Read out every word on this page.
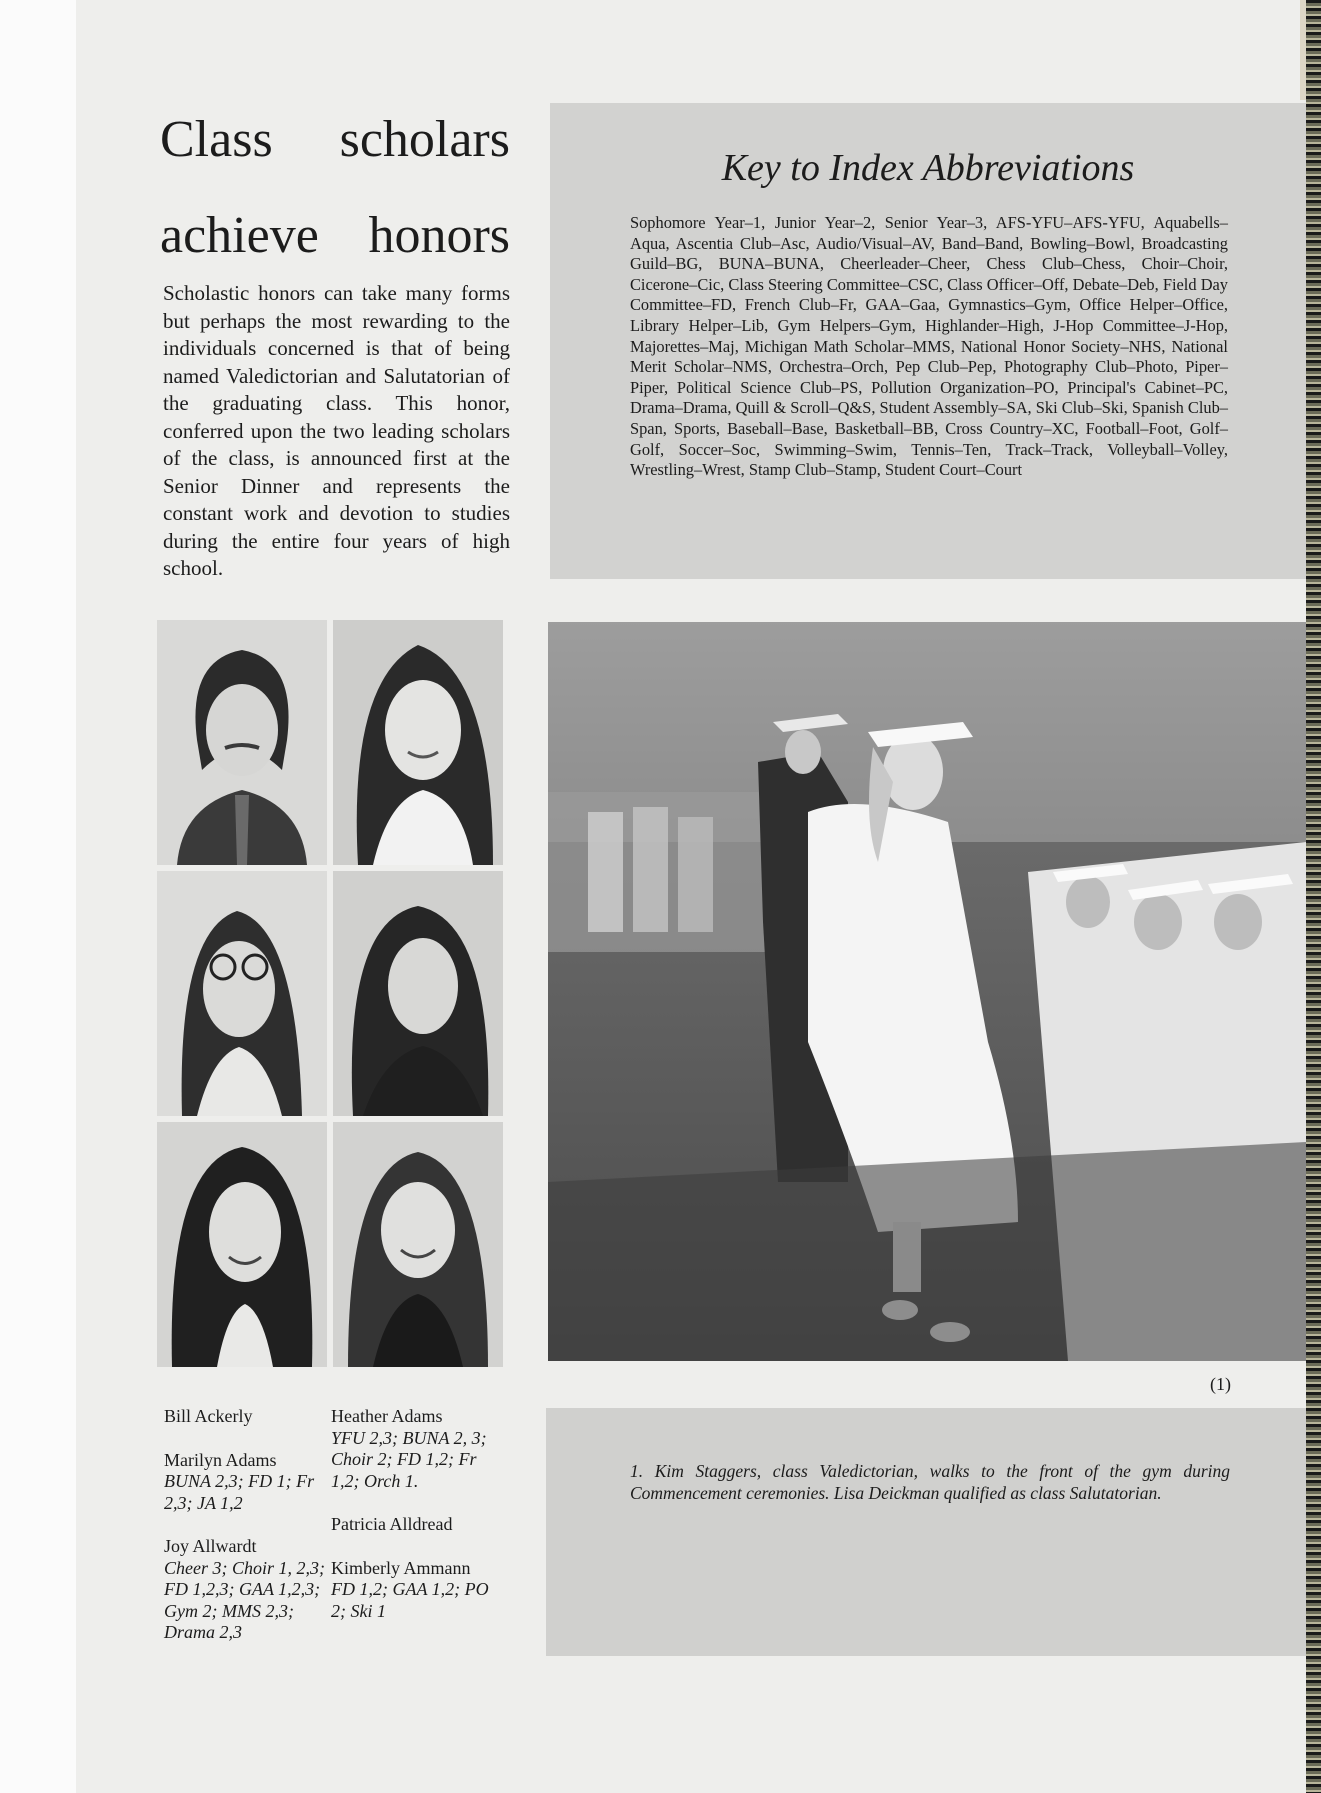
Class scholars
achieve honors

Scholastic honors can take many forms but perhaps the most rewarding to the individuals concerned is that of being named Valedictorian and Salutatorian of the graduating class. This honor, conferred upon the two leading scholars of the class, is announced first at the Senior Dinner and represents the constant work and devotion to studies during the entire four years of high school.

Key to Index Abbreviations

Sophomore Year–1, Junior Year–2, Senior Year–3, AFS-YFU–AFS-YFU, Aquabells–Aqua, Ascentia Club–Asc, Audio/Visual–AV, Band–Band, Bowling–Bowl, Broadcasting Guild–BG, BUNA–BUNA, Cheerleader–Cheer, Chess Club–Chess, Choir–Choir, Cicerone–Cic, Class Steering Committee–CSC, Class Officer–Off, Debate–Deb, Field Day Committee–FD, French Club–Fr, GAA–Gaa, Gymnastics–Gym, Office Helper–Office, Library Helper–Lib, Gym Helpers–Gym, Highlander–High, J-Hop Committee–J-Hop, Majorettes–Maj, Michigan Math Scholar–MMS, National Honor Society–NHS, National Merit Scholar–NMS, Orchestra–Orch, Pep Club–Pep, Photography Club–Photo, Piper–Piper, Political Science Club–PS, Pollution Organization–PO, Principal's Cabinet–PC, Drama–Drama, Quill & Scroll–Q&S, Student Assembly–SA, Ski Club–Ski, Spanish Club–Span, Sports, Baseball–Base, Basketball–BB, Cross Country–XC, Football–Foot, Golf–Golf, Soccer–Soc, Swimming–Swim, Tennis–Ten, Track–Track, Volleyball–Volley, Wrestling–Wrest, Stamp Club–Stamp, Student Court–Court

(1)

1. Kim Staggers, class Valedictorian, walks to the front of the gym during Commencement ceremonies. Lisa Deickman qualified as class Salutatorian.

Bill Ackerly
Marilyn Adams
BUNA 2,3; FD 1; Fr 2,3; JA 1,2
Joy Allwardt
Cheer 3; Choir 1, 2,3; FD 1,2,3; GAA 1,2,3; Gym 2; MMS 2,3; Drama 2,3
Heather Adams
YFU 2,3; BUNA 2, 3; Choir 2; FD 1,2; Fr 1,2; Orch 1.
Patricia Alldread
Kimberly Ammann
FD 1,2; GAA 1,2; PO 2; Ski 1
